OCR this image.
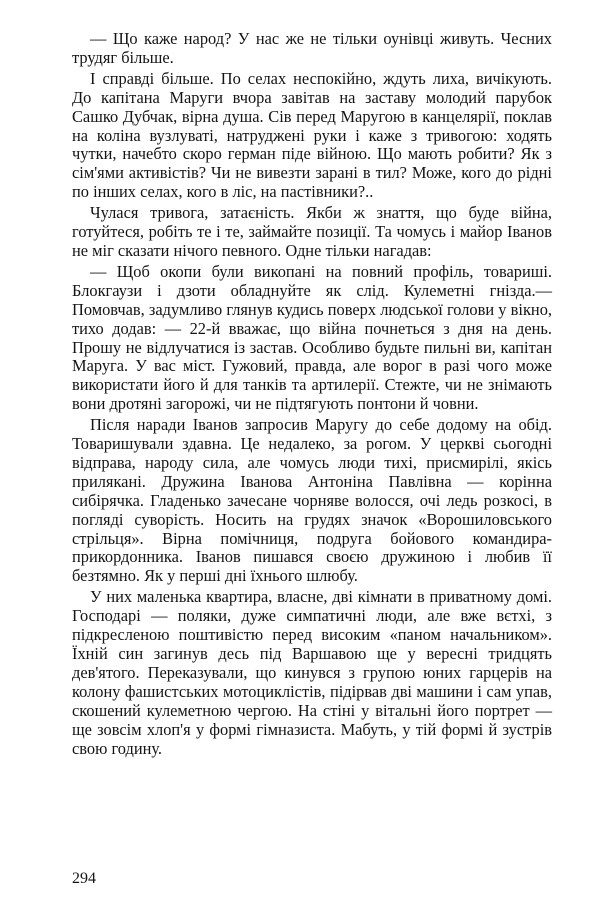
— Що каже народ? У нас же не тільки оунівці живуть. Чесних трудяг більше.

І справді більше. По селах неспокійно, ждуть лиха, вичікують. До капітана Маруги вчора завітав на заставу молодий парубок Сашко Дубчак, вірна душа. Сів перед Маругою в канцелярії, поклав на коліна вузлуваті, натруджені руки і каже з тривогою: ходять чутки, начебто скоро герман піде війною. Що мають робити? Як з сім'ями активістів? Чи не вивезти зарані в тил? Може, кого до рідні по інших селах, кого в ліс, на пастівники?..

Чулася тривога, затаєність. Якби ж знаття, що буде війна, готуйтеся, робіть те і те, займайте позиції. Та чомусь і майор Іванов не міг сказати нічого певного. Одне тільки нагадав:

— Щоб окопи були викопані на повний профіль, товариші. Блокгаузи і дзоти обладнуйте як слід. Кулеметні гнізда.— Помовчав, задумливо глянув кудись поверх людської голови у вікно, тихо додав: — 22-й вважає, що війна почнеться з дня на день. Прошу не відлучатися із застав. Особливо будьте пильні ви, капітан Маруга. У вас міст. Гужовий, правда, але ворог в разі чого може використати його й для танків та артилерії. Стежте, чи не знімають вони дротяні загорожі, чи не підтягують понтони й човни.

Після наради Іванов запросив Маругу до себе додому на обід. Товаришували здавна. Це недалеко, за рогом. У церкві сьогодні відправа, народу сила, але чомусь люди тихі, присмирілі, якісь прилякані. Дружина Іванова Антоніна Павлівна — корінна сибірячка. Гладенько зачесане чорняве волосся, очі ледь розкосі, в погляді суворість. Носить на грудях значок «Ворошиловського стрільця». Вірна помічниця, подруга бойового командира-прикордонника. Іванов пишався своєю дружиною і любив її безтямно. Як у перші дні їхнього шлюбу.

У них маленька квартира, власне, дві кімнати в приватному домі. Господарі — поляки, дуже симпатичні люди, але вже вєтхі, з підкресленою поштивістю перед високим «паном начальником». Їхній син загинув десь під Варшавою ще у вересні тридцять дев'ятого. Переказували, що кинувся з групою юних гарцерів на колону фашистських мотоциклістів, підірвав дві машини і сам упав, скошений кулеметною чергою. На стіні у вітальні його портрет — ще зовсім хлоп'я у формі гімназиста. Мабуть, у тій формі й зустрів свою годину.

294
